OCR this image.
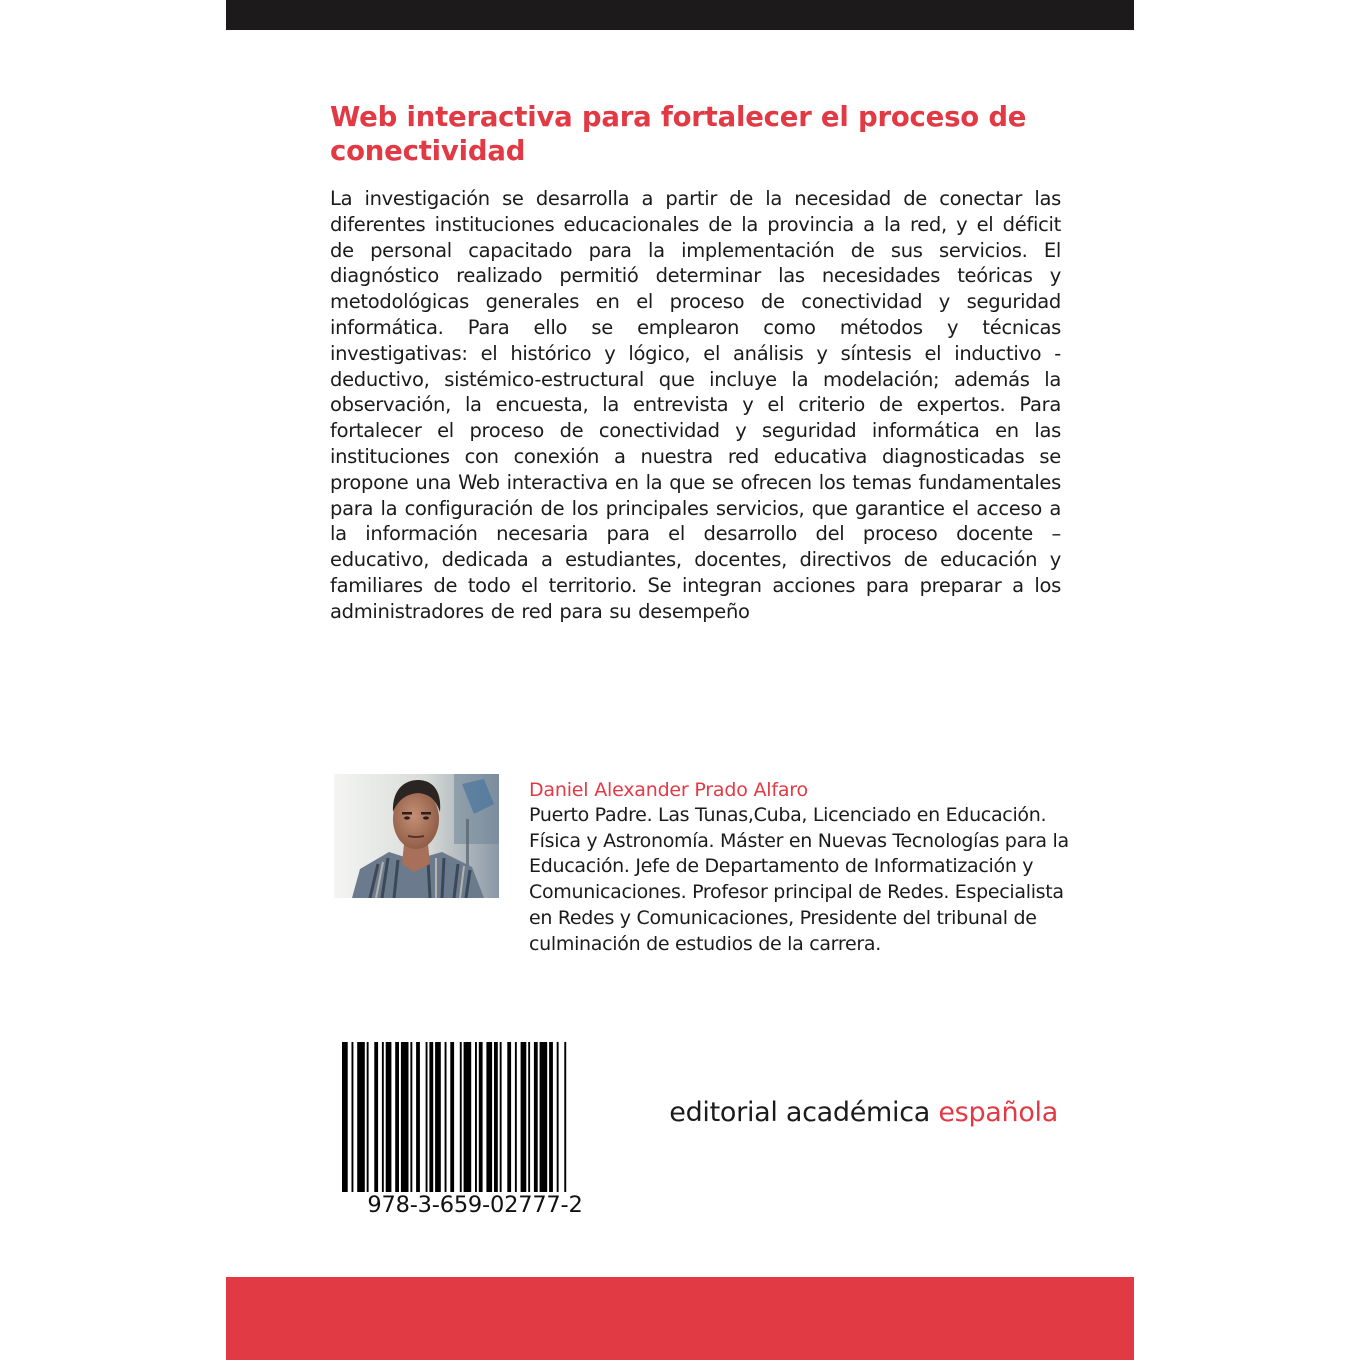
Web interactiva para fortalecer el proceso de conectividad

La investigación se desarrolla a partir de la necesidad de conectar las diferentes instituciones educacionales de la provincia a la red, y el déficit de personal capacitado para la implementación de sus servicios. El diagnóstico realizado permitió determinar las necesidades teóricas y metodológicas generales en el proceso de conectividad y seguridad informática. Para ello se emplearon como métodos y técnicas investigativas: el histórico y lógico, el análisis y síntesis el inductivo - deductivo, sistémico-estructural que incluye la modelación; además la observación, la encuesta, la entrevista y el criterio de expertos. Para fortalecer el proceso de conectividad y seguridad informática en las instituciones con conexión a nuestra red educativa diagnosticadas se propone una Web interactiva en la que se ofrecen los temas fundamentales para la configuración de los principales servicios, que garantice el acceso a la información necesaria para el desarrollo del proceso docente – educativo, dedicada a estudiantes, docentes, directivos de educación y familiares de todo el territorio. Se integran acciones para preparar a los administradores de red para su desempeño

Daniel Alexander Prado Alfaro

Puerto Padre. Las Tunas,Cuba, Licenciado en Educación. Física y Astronomía. Máster en Nuevas Tecnologías para la Educación. Jefe de Departamento de Informatización y Comunicaciones. Profesor principal de Redes. Especialista en Redes y Comunicaciones, Presidente del tribunal de culminación de estudios de la carrera.

978-3-659-02777-2

editorial académica española
